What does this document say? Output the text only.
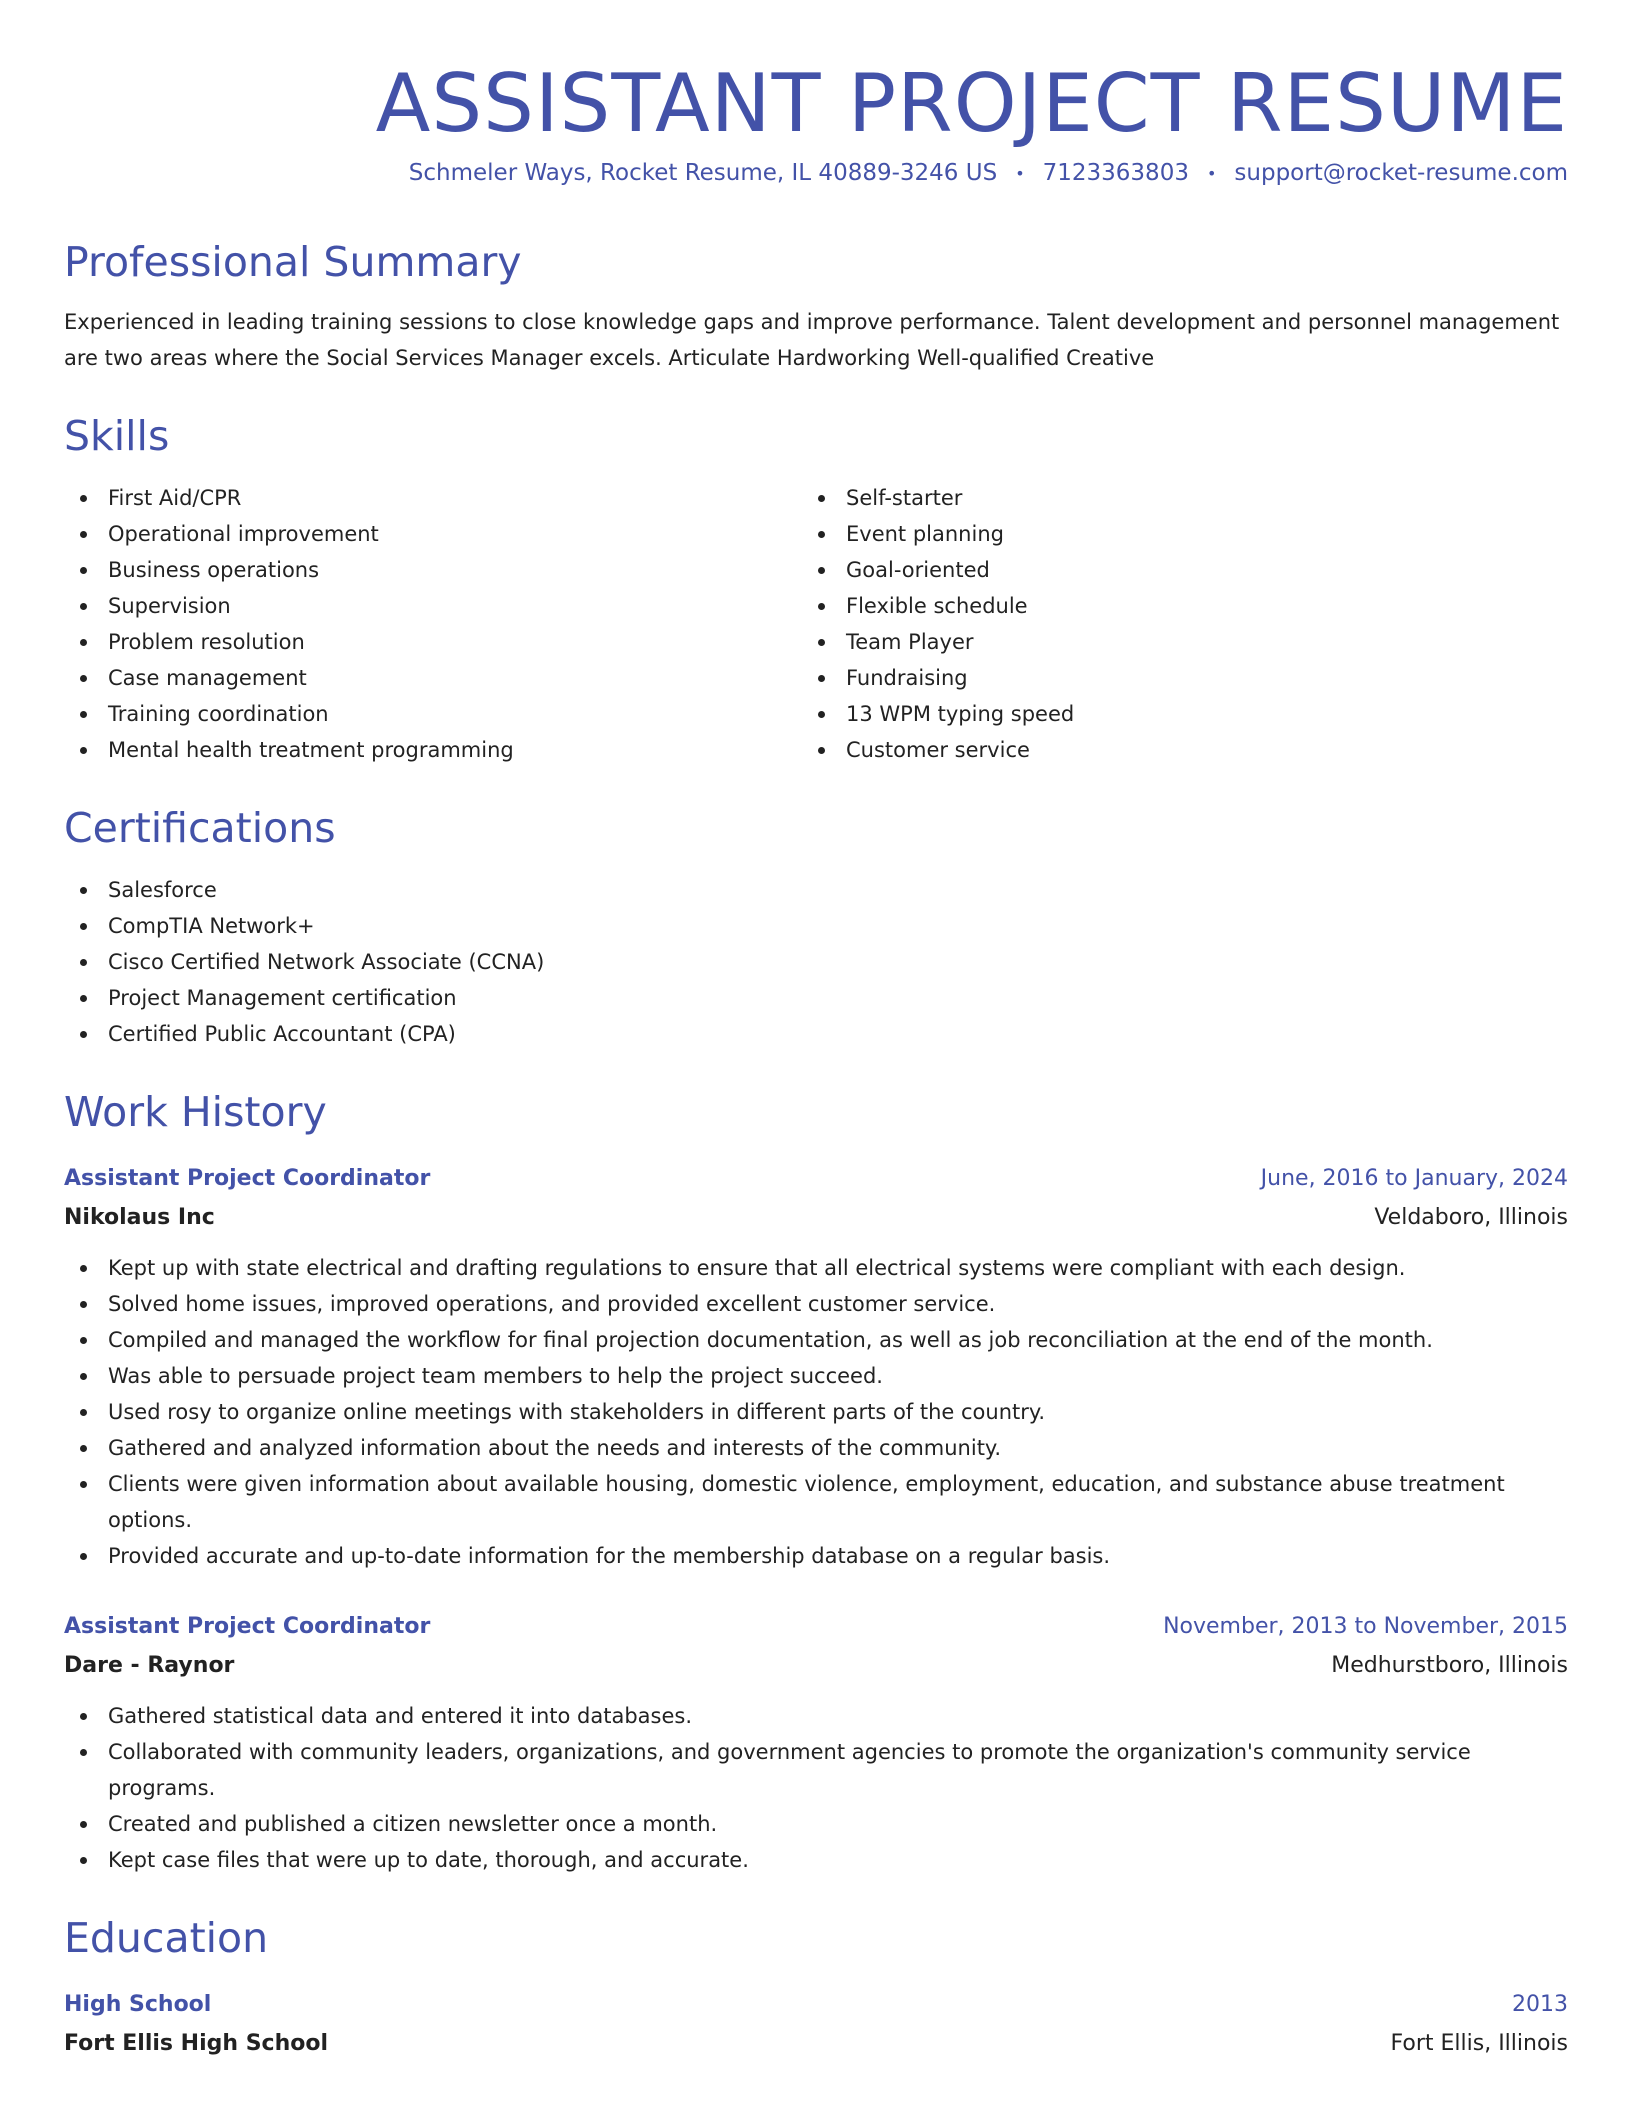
ASSISTANT PROJECT RESUME
Schmeler Ways, Rocket Resume, IL 40889-3246 US • 7123363803 • support@rocket-resume.com
Professional Summary

Experienced in leading training sessions to close knowledge gaps and improve performance. Talent development and personnel management are two areas where the Social Services Manager excels. Articulate Hardworking Well-qualified Creative

Skills
First Aid/CPR
Operational improvement
Business operations
Supervision
Problem resolution
Case management
Training coordination
Mental health treatment programming
Self-starter
Event planning
Goal-oriented
Flexible schedule
Team Player
Fundraising
13 WPM typing speed
Customer service
Certifications
Salesforce
CompTIA Network+
Cisco Certified Network Associate (CCNA)
Project Management certification
Certified Public Accountant (CPA)
Work History
Assistant Project Coordinator	June, 2016 to January, 2024
Nikolaus Inc	Veldaboro, Illinois
Kept up with state electrical and drafting regulations to ensure that all electrical systems were compliant with each design.
Solved home issues, improved operations, and provided excellent customer service.
Compiled and managed the workflow for final projection documentation, as well as job reconciliation at the end of the month.
Was able to persuade project team members to help the project succeed.
Used rosy to organize online meetings with stakeholders in different parts of the country.
Gathered and analyzed information about the needs and interests of the community.
Clients were given information about available housing, domestic violence, employment, education, and substance abuse treatment options.
Provided accurate and up-to-date information for the membership database on a regular basis.
Assistant Project Coordinator	November, 2013 to November, 2015
Dare - Raynor	Medhurstboro, Illinois
Gathered statistical data and entered it into databases.
Collaborated with community leaders, organizations, and government agencies to promote the organization's community service programs.
Created and published a citizen newsletter once a month.
Kept case files that were up to date, thorough, and accurate.
Education
High School	2013
Fort Ellis High School	Fort Ellis, Illinois
